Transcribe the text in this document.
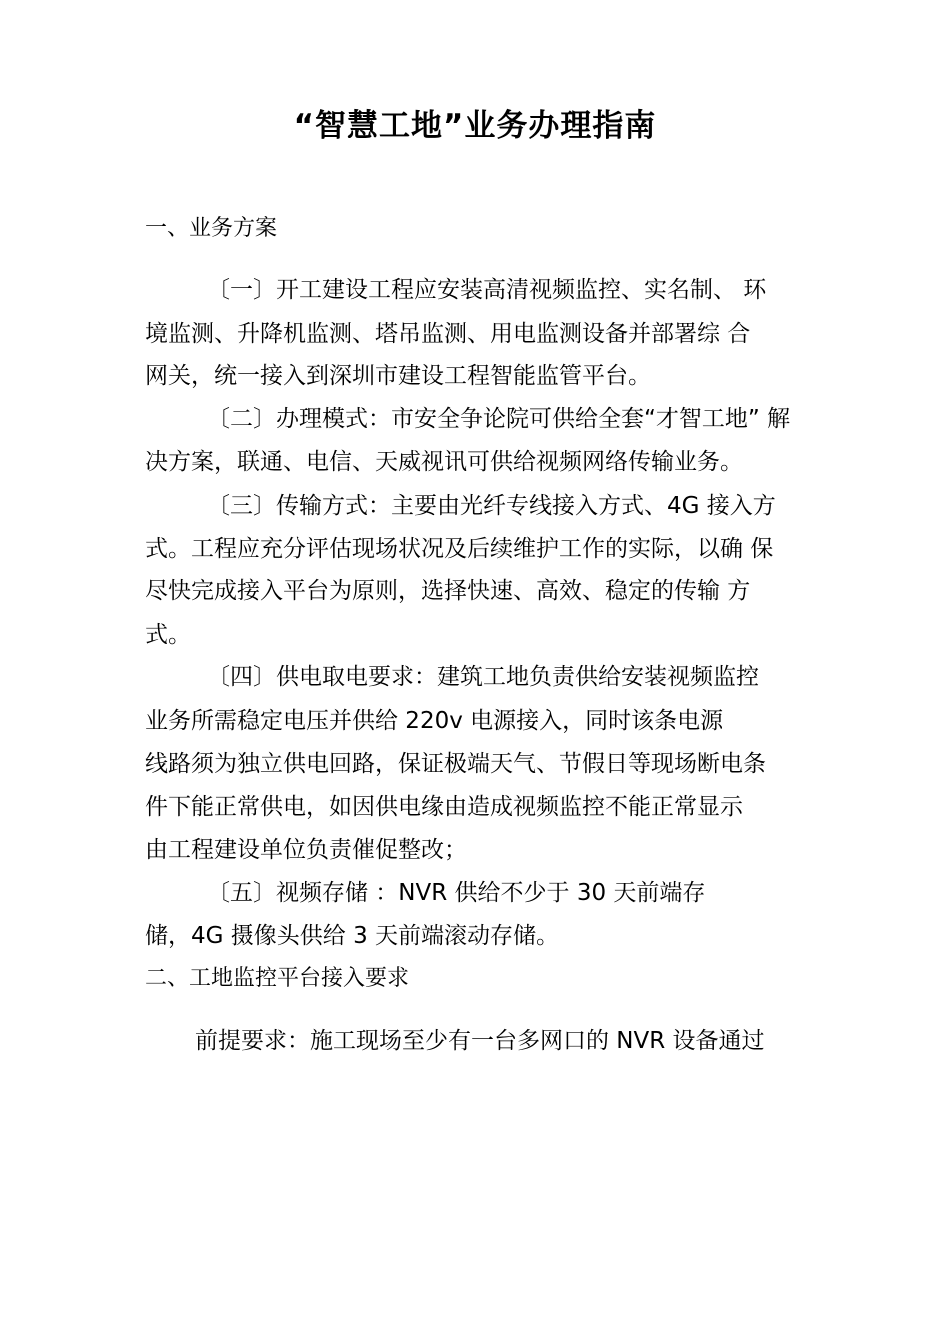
“智慧工地”业务办理指南

一、业务方案

〔一〕开工建设工程应安装高清视频监控、实名制、 环

境监测、升降机监测、塔吊监测、用电监测设备并部署综 合

网关，统一接入到深圳市建设工程智能监管平台。

〔二〕办理模式：市安全争论院可供给全套“才智工地” 解

决方案，联通、电信、天威视讯可供给视频网络传输业务。

〔三〕传输方式：主要由光纤专线接入方式、4G 接入方

式。工程应充分评估现场状况及后续维护工作的实际，以确 保

尽快完成接入平台为原则，选择快速、高效、稳定的传输 方

式。

〔四〕供电取电要求：建筑工地负责供给安装视频监控

业务所需稳定电压并供给 220v 电源接入，同时该条电源

线路须为独立供电回路，保证极端天气、节假日等现场断电条

件下能正常供电，如因供电缘由造成视频监控不能正常显示

由工程建设单位负责催促整改；

〔五〕视频存储 ：NVR 供给不少于 30 天前端存

储，4G 摄像头供给 3 天前端滚动存储。

二、工地监控平台接入要求

前提要求：施工现场至少有一台多网口的 NVR 设备通过
